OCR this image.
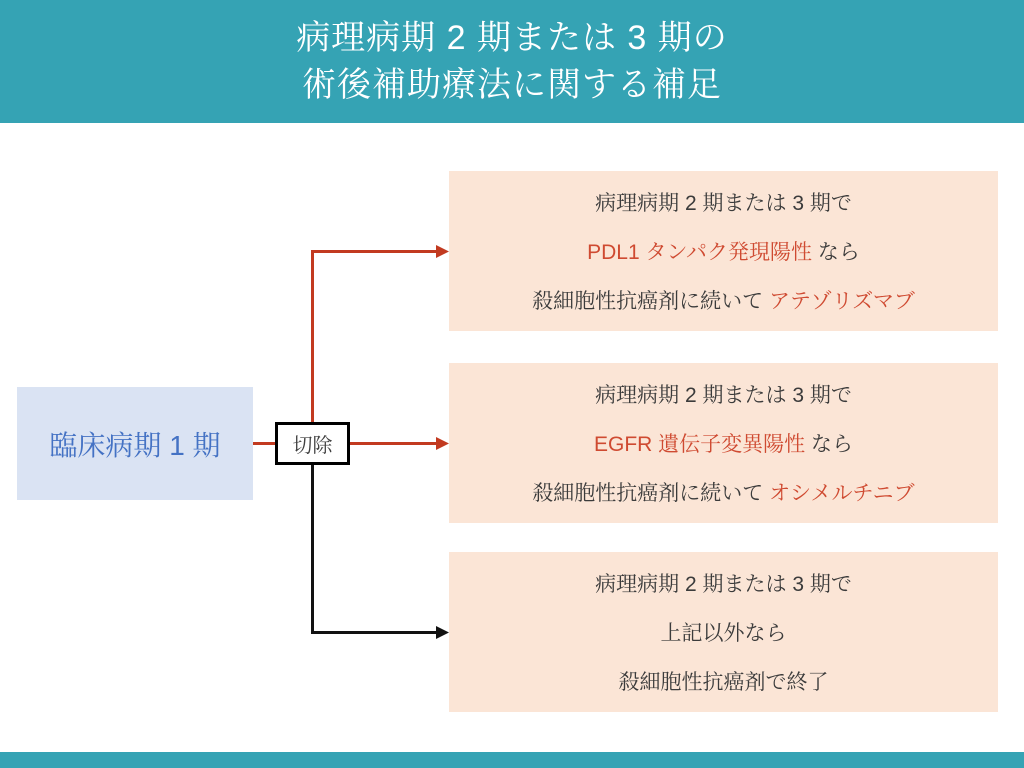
病理病期 2 期または 3 期の
術後補助療法に関する補足
臨床病期 1 期	切除
病理病期 2 期または 3 期で
PDL1 タンパク発現陽性 なら
殺細胞性抗癌剤に続いて アテゾリズマブ
病理病期 2 期または 3 期で
EGFR 遺伝子変異陽性 なら
殺細胞性抗癌剤に続いて オシメルチニブ
病理病期 2 期または 3 期で
上記以外なら
殺細胞性抗癌剤で終了
